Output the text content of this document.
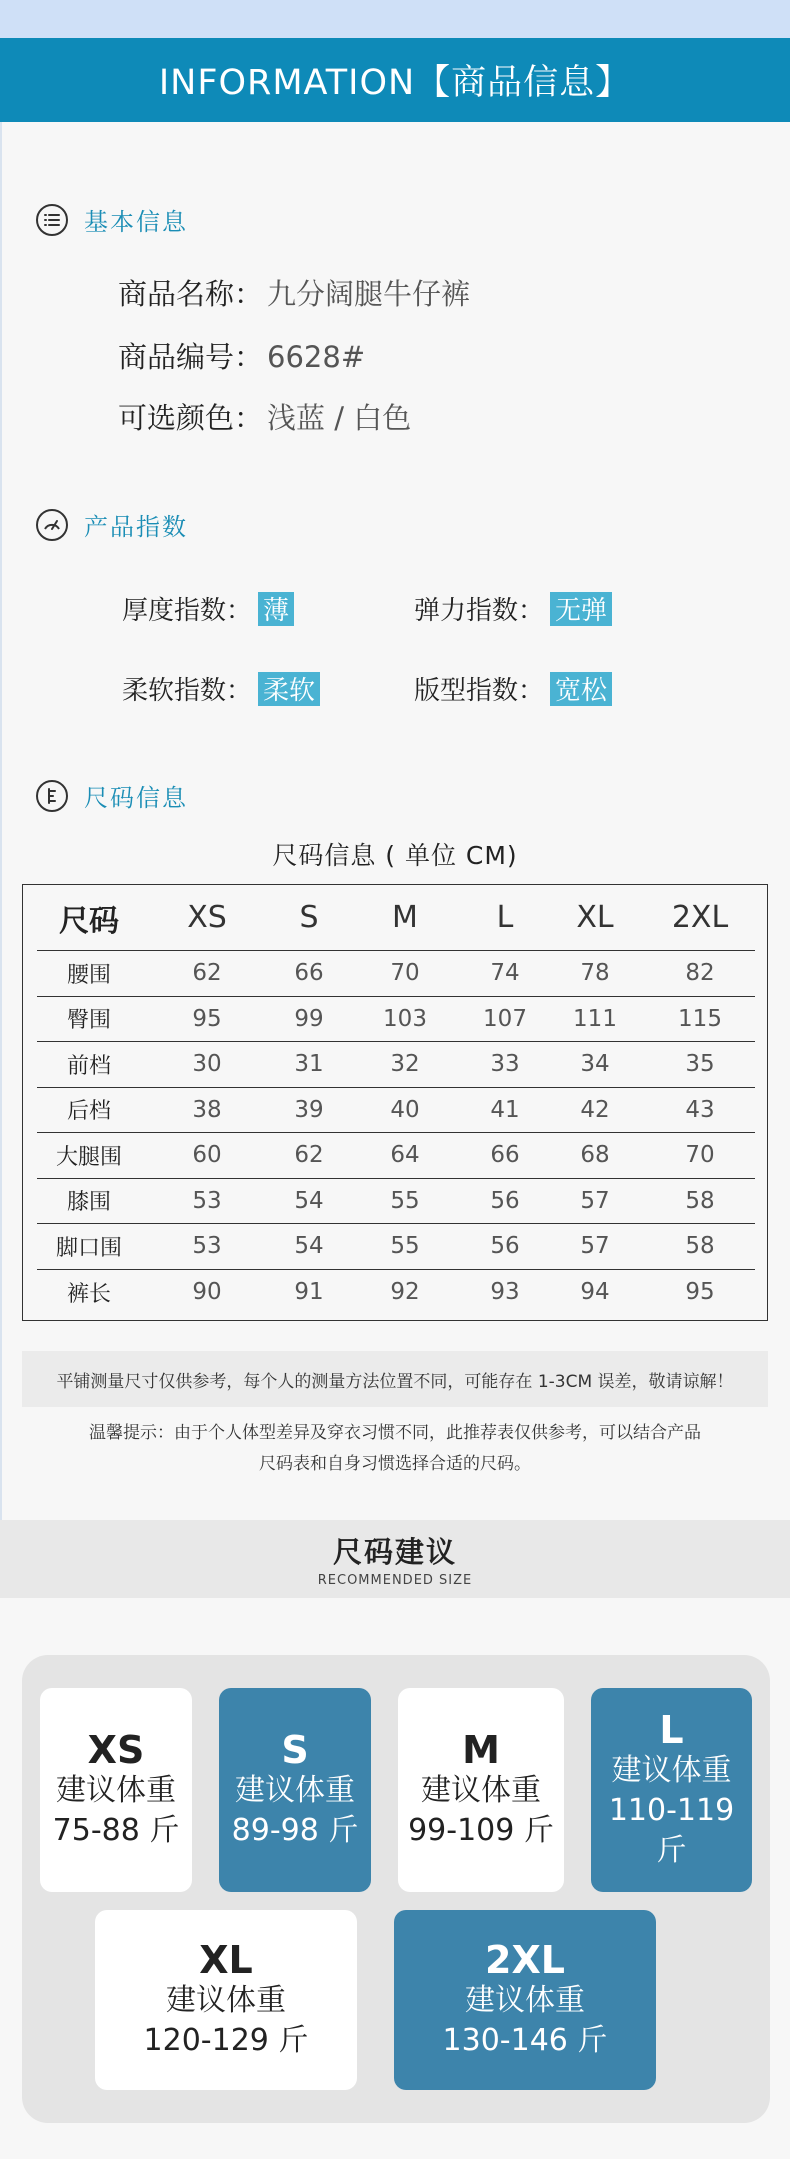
INFORMATION【商品信息】
基本信息
商品名称： 九分阔腿牛仔裤
商品编号： 6628#
可选颜色： 浅蓝 / 白色
产品指数
厚度指数： 薄	弹力指数： 无弹
柔软指数： 柔软	版型指数： 宽松
尺码信息
尺码信息 ( 单位 CM)
尺码	XS	S	M	L	XL	2XL
腰围	62	66	70	74	78	82
臀围	95	99	103	107	111	115
前档	30	31	32	33	34	35
后档	38	39	40	41	42	43
大腿围	60	62	64	66	68	70
膝围	53	54	55	56	57	58
脚口围	53	54	55	56	57	58
裤长	90	91	92	93	94	95
平铺测量尺寸仅供参考，每个人的测量方法位置不同，可能存在 1-3CM 误差，敬请谅解！
温馨提示：由于个人体型差异及穿衣习惯不同，此推荐表仅供参考，可以结合产品
尺码表和自身习惯选择合适的尺码。
尺码建议
RECOMMENDED SIZE
XS
建议体重
75-88 斤
S
建议体重
89-98 斤
M
建议体重
99-109 斤
L
建议体重
110-119 斤
XL
建议体重
120-129 斤
2XL
建议体重
130-146 斤
